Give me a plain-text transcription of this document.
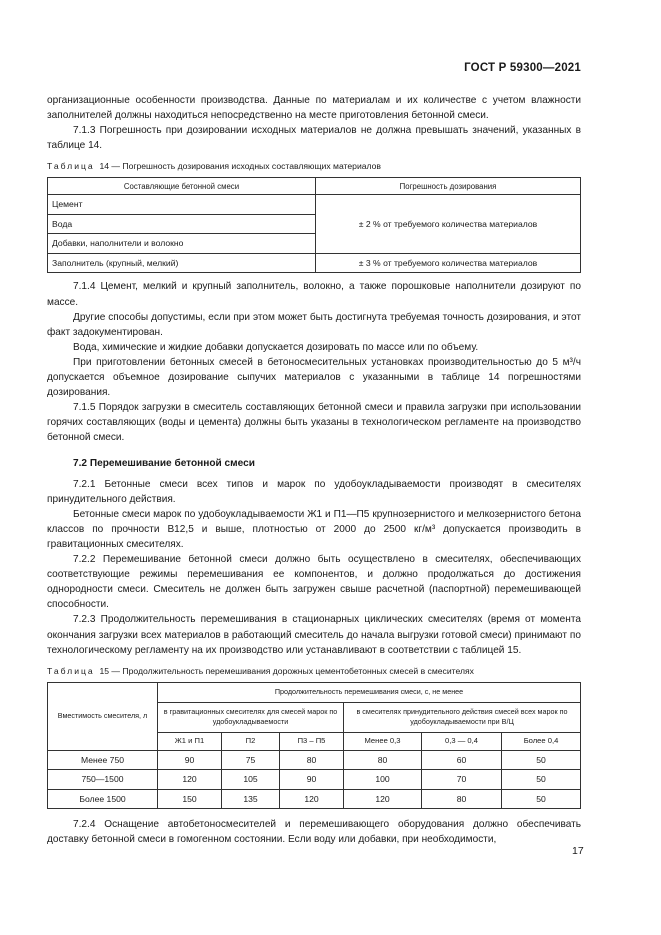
ГОСТ Р 59300—2021

организационные особенности производства. Данные по материалам и их количестве с учетом влажности заполнителей должны находиться непосредственно на месте приготовления бетонной смеси.

7.1.3 Погрешность при дозировании исходных материалов не должна превышать значений, указанных в таблице 14.

Таблица 14 — Погрешность дозирования исходных составляющих материалов
Составляющие бетонной смеси	Погрешность дозирования
Цемент	± 2 % от требуемого количества материалов
Вода	
Добавки, наполнители и волокно	
Заполнитель (крупный, мелкий)	± 3 % от требуемого количества материалов

7.1.4 Цемент, мелкий и крупный заполнитель, волокно, а также порошковые наполнители дозируют по массе.

Другие способы допустимы, если при этом может быть достигнута требуемая точность дозирования, и этот факт задокументирован.

Вода, химические и жидкие добавки допускается дозировать по массе или по объему.

При приготовлении бетонных смесей в бетоносмесительных установках производительностью до 5 м³/ч допускается объемное дозирование сыпучих материалов с указанными в таблице 14 погрешностями дозирования.

7.1.5 Порядок загрузки в смеситель составляющих бетонной смеси и правила загрузки при использовании горячих составляющих (воды и цемента) должны быть указаны в технологическом регламенте на производство бетонной смеси.

7.2 Перемешивание бетонной смеси

7.2.1 Бетонные смеси всех типов и марок по удобоукладываемости производят в смесителях принудительного действия.

Бетонные смеси марок по удобоукладываемости Ж1 и П1—П5 крупнозернистого и мелкозернистого бетона классов по прочности В12,5 и выше, плотностью от 2000 до 2500 кг/м³ допускается производить в гравитационных смесителях.

7.2.2 Перемешивание бетонной смеси должно быть осуществлено в смесителях, обеспечивающих соответствующие режимы перемешивания ее компонентов, и должно продолжаться до достижения однородности смеси. Смеситель не должен быть загружен свыше расчетной (паспортной) перемешивающей способности.

7.2.3 Продолжительность перемешивания в стационарных циклических смесителях (время от момента окончания загрузки всех материалов в работающий смеситель до начала выгрузки готовой смеси) принимают по технологическому регламенту на их производство или устанавливают в соответствии с таблицей 15.

Таблица 15 — Продолжительность перемешивания дорожных цементобетонных смесей в смесителях
Вместимость смесителя, л	Продолжительность перемешивания смеси, с, не менее					
	в гравитационных смесителях для смесей марок по удобоукладываемости			в смесителях принудительного действия смесей всех марок по удобоукладываемости при В/Ц		
	Ж1 и П1	П2	П3 – П5	Менее 0,3	0,3 — 0,4	Более 0,4
Менее 750	90	75	80	80	60	50
750—1500	120	105	90	100	70	50
Более 1500	150	135	120	120	80	50

7.2.4 Оснащение автобетоносмесителей и перемешивающего оборудования должно обеспечивать доставку бетонной смеси в гомогенном состоянии. Если воду или добавки, при необходимости,

17
